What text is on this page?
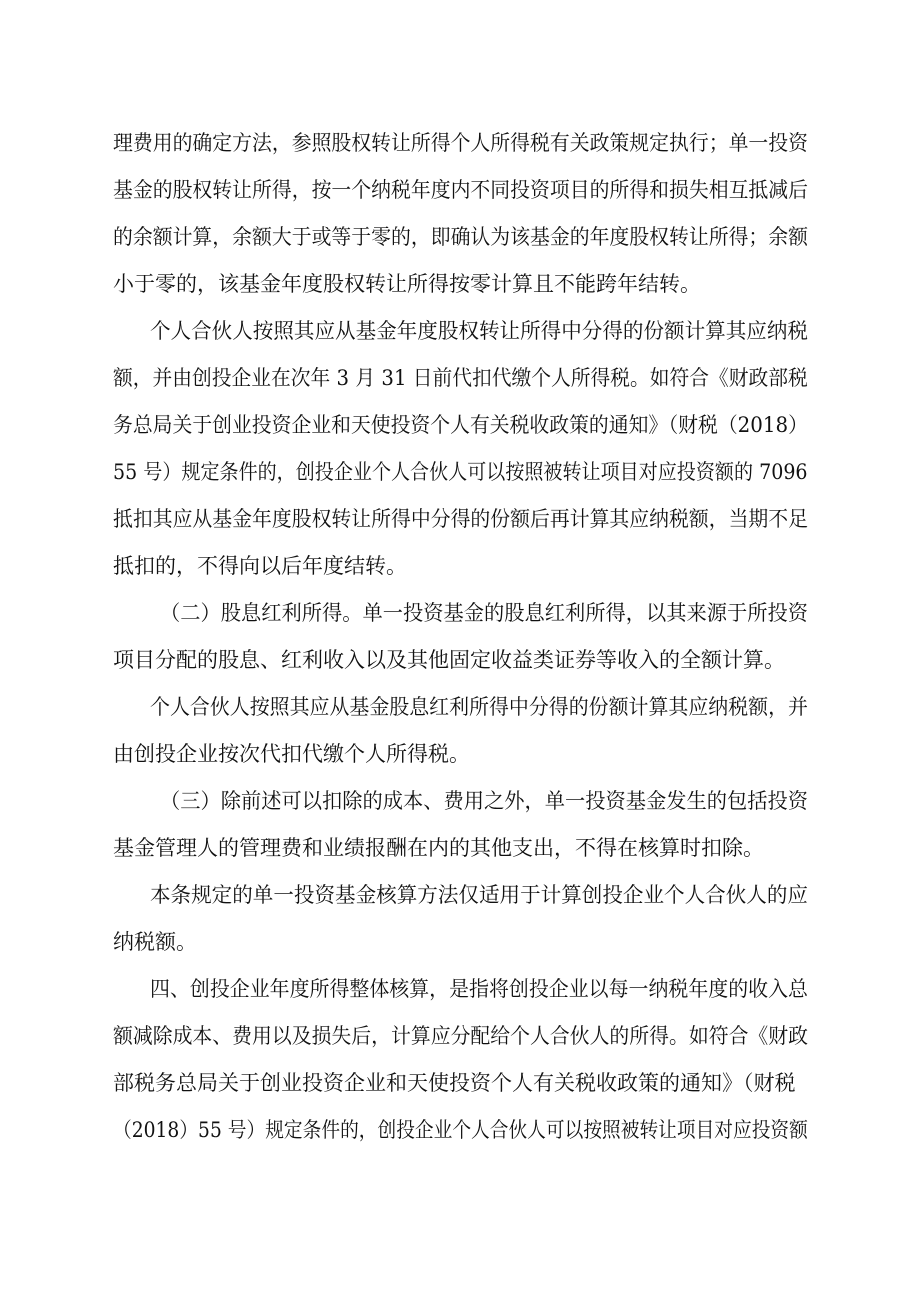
理费用的确定方法，参照股权转让所得个人所得税有关政策规定执行；单一投资
基金的股权转让所得，按一个纳税年度内不同投资项目的所得和损失相互抵减后
的余额计算，余额大于或等于零的，即确认为该基金的年度股权转让所得；余额
小于零的，该基金年度股权转让所得按零计算且不能跨年结转。
个人合伙人按照其应从基金年度股权转让所得中分得的份额计算其应纳税
额，并由创投企业在次年 3 月 31 日前代扣代缴个人所得税。如符合《财政部税
务总局关于创业投资企业和天使投资个人有关税收政策的通知》（财税（2018）
55 号）规定条件的，创投企业个人合伙人可以按照被转让项目对应投资额的 7096
抵扣其应从基金年度股权转让所得中分得的份额后再计算其应纳税额，当期不足
抵扣的，不得向以后年度结转。
（二）股息红利所得。单一投资基金的股息红利所得，以其来源于所投资
项目分配的股息、红利收入以及其他固定收益类证券等收入的全额计算。
个人合伙人按照其应从基金股息红利所得中分得的份额计算其应纳税额，并
由创投企业按次代扣代缴个人所得税。
（三）除前述可以扣除的成本、费用之外，单一投资基金发生的包括投资
基金管理人的管理费和业绩报酬在内的其他支出，不得在核算时扣除。
本条规定的单一投资基金核算方法仅适用于计算创投企业个人合伙人的应
纳税额。
四、创投企业年度所得整体核算，是指将创投企业以每一纳税年度的收入总
额减除成本、费用以及损失后，计算应分配给个人合伙人的所得。如符合《财政
部税务总局关于创业投资企业和天使投资个人有关税收政策的通知》（财税
（2018）55 号）规定条件的，创投企业个人合伙人可以按照被转让项目对应投资额
